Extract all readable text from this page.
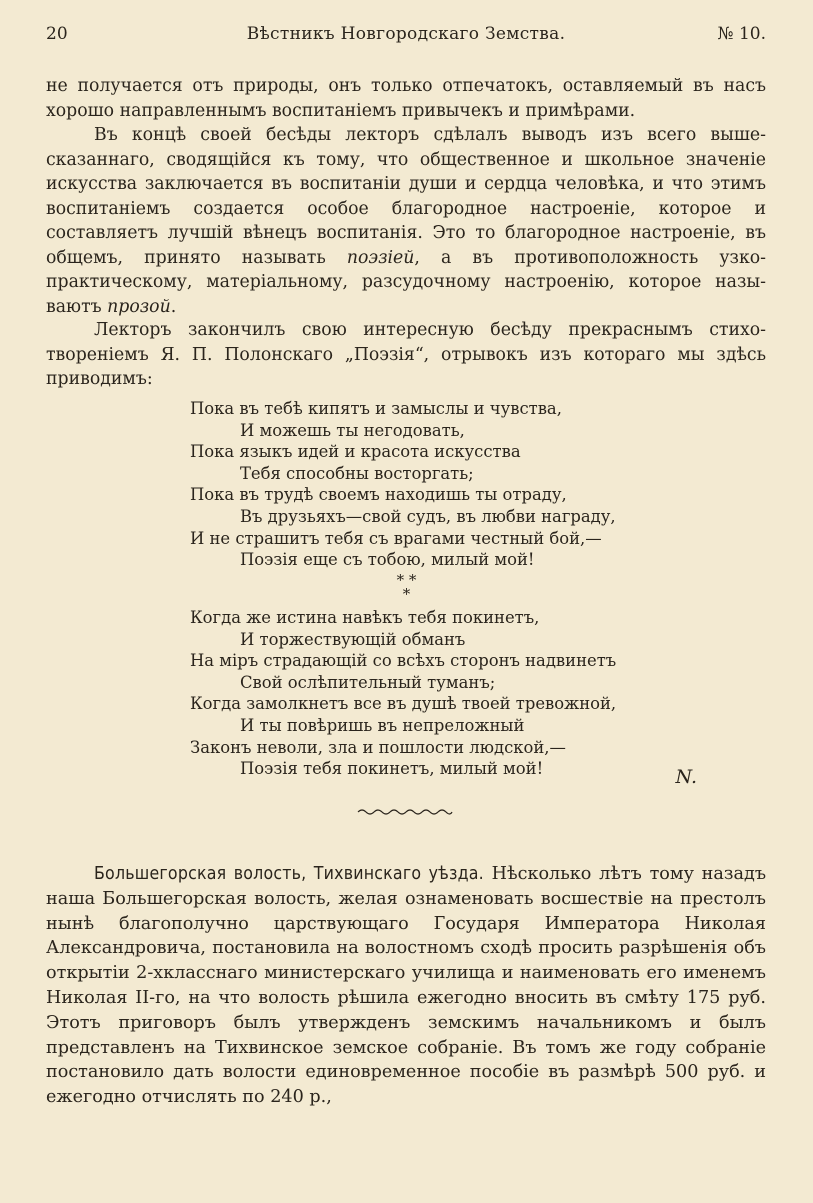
20	Вѣстникъ Новгородскаго Земства.	№ 10.

не получается отъ природы, онъ только отпечатокъ, оставляемый въ насъ

хорошо направленнымъ воспитаніемъ привычекъ и примѣрами.

Въ концѣ своей бесѣды лекторъ сдѣлалъ выводъ изъ всего вышесказаннаго, сводящійся къ тому, что общественное и школьное значеніе искусства заключается въ воспитаніи души и сердца человѣка, и что этимъ воспитаніемъ создается особое благородное настроеніе, которое и составляетъ лучшій вѣнецъ воспитанія. Это то благородное настроеніе, въ общемъ, принято называть поэзіей, а въ противоположность узкопрактическому, матеріальному, разсудочному настроенію, которое называютъ прозой.

Лекторъ закончилъ свою интересную бесѣду прекраснымъ стихотвореніемъ Я. П. Полонскаго „Поэзія“, отрывокъ изъ котораго мы здѣсь приводимъ:

Пока въ тебѣ кипятъ и замыслы и чувства,
И можешь ты негодовать,
Пока языкъ идей и красота искусства
Тебя способны восторгать;
Пока въ трудѣ своемъ находишь ты отраду,
Въ друзьяхъ—свой судъ, въ любви награду,
И не страшитъ тебя съ врагами честный бой,—
Поэзія еще съ тобою, милый мой!
* *
*
Когда же истина навѣкъ тебя покинетъ,
И торжествующій обманъ
На міръ страдающій со всѣхъ сторонъ надвинетъ
Свой ослѣпительный туманъ;
Когда замолкнетъ все въ душѣ твоей тревожной,
И ты повѣришь въ непреложный
Законъ неволи, зла и пошлости людской,—
Поэзія тебя покинетъ, милый мой!	N.

Большегорская волость, Тихвинскаго уѣзда. Нѣсколько лѣтъ тому назадъ наша Большегорская волость, желая ознаменовать восшествіе на престолъ нынѣ благополучно царствующаго Государя Императора Николая Александровича, постановила на волостномъ сходѣ просить разрѣшенія объ открытіи 2-хкласснаго министерскаго училища и наименовать его именемъ Николая II-го, на что волость рѣшила ежегодно вносить въ смѣту 175 руб. Этотъ приговоръ былъ утвержденъ земскимъ начальникомъ и былъ представленъ на Тихвинское земское собраніе. Въ томъ же году собраніе постановило дать волости единовременное пособіе въ размѣрѣ 500 руб. и ежегодно отчислять по 240 р.,
